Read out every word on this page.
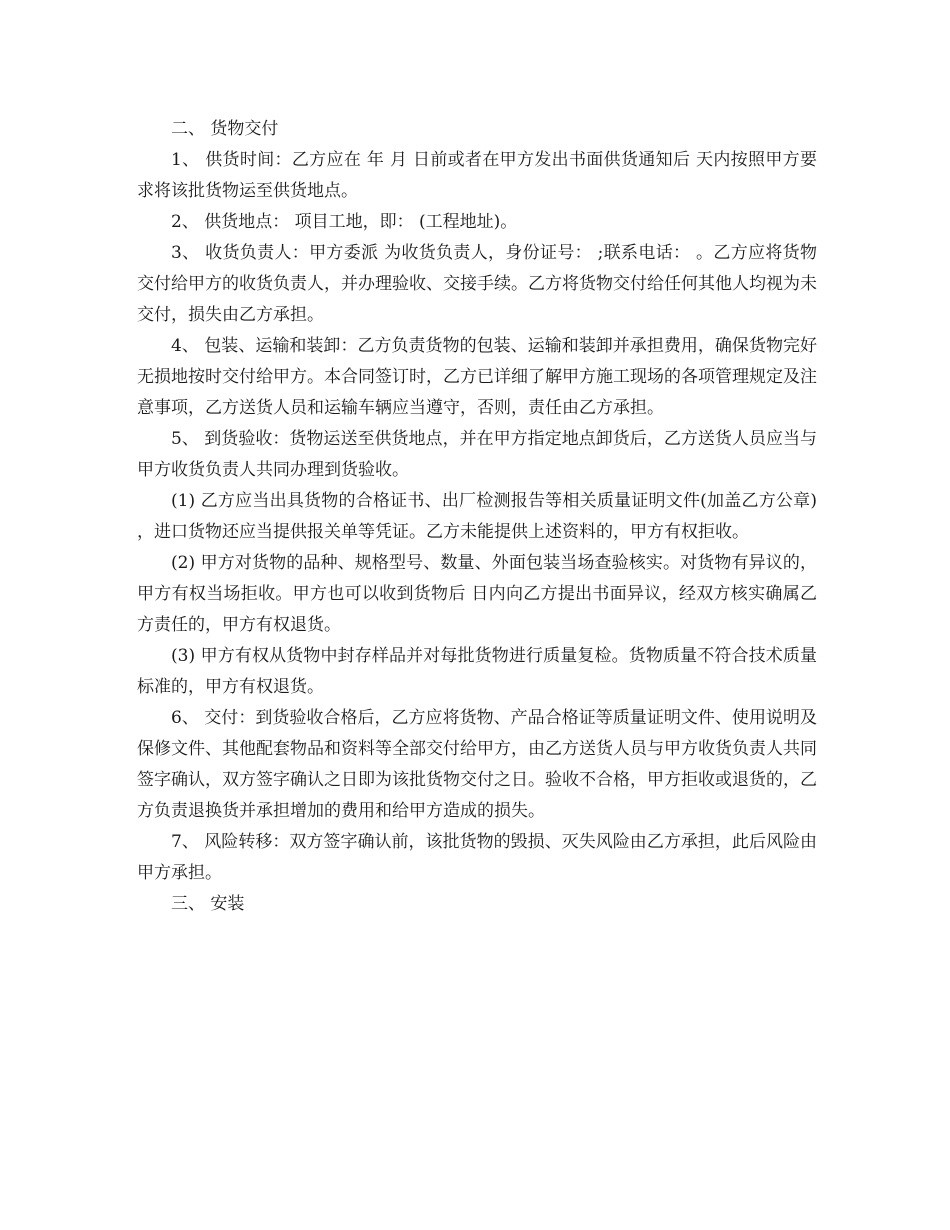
二、 货物交付

1、 供货时间：乙方应在 年 月 日前或者在甲方发出书面供货通知后 天内按照甲方要求将该批货物运至供货地点。

2、 供货地点： 项目工地，即： (工程地址)。

3、 收货负责人：甲方委派 为收货负责人，身份证号： ;联系电话： 。乙方应将货物交付给甲方的收货负责人，并办理验收、交接手续。乙方将货物交付给任何其他人均视为未交付，损失由乙方承担。

4、 包装、运输和装卸：乙方负责货物的包装、运输和装卸并承担费用，确保货物完好无损地按时交付给甲方。本合同签订时，乙方已详细了解甲方施工现场的各项管理规定及注意事项，乙方送货人员和运输车辆应当遵守，否则，责任由乙方承担。

5、 到货验收：货物运送至供货地点，并在甲方指定地点卸货后，乙方送货人员应当与甲方收货负责人共同办理到货验收。

(1) 乙方应当出具货物的合格证书、出厂检测报告等相关质量证明文件(加盖乙方公章)，进口货物还应当提供报关单等凭证。乙方未能提供上述资料的，甲方有权拒收。

(2) 甲方对货物的品种、规格型号、数量、外面包装当场查验核实。对货物有异议的，甲方有权当场拒收。甲方也可以收到货物后 日内向乙方提出书面异议，经双方核实确属乙方责任的，甲方有权退货。

(3) 甲方有权从货物中封存样品并对每批货物进行质量复检。货物质量不符合技术质量标准的，甲方有权退货。

6、 交付：到货验收合格后，乙方应将货物、产品合格证等质量证明文件、使用说明及保修文件、其他配套物品和资料等全部交付给甲方，由乙方送货人员与甲方收货负责人共同签字确认，双方签字确认之日即为该批货物交付之日。验收不合格，甲方拒收或退货的，乙方负责退换货并承担增加的费用和给甲方造成的损失。

7、 风险转移：双方签字确认前，该批货物的毁损、灭失风险由乙方承担，此后风险由甲方承担。

三、 安装
